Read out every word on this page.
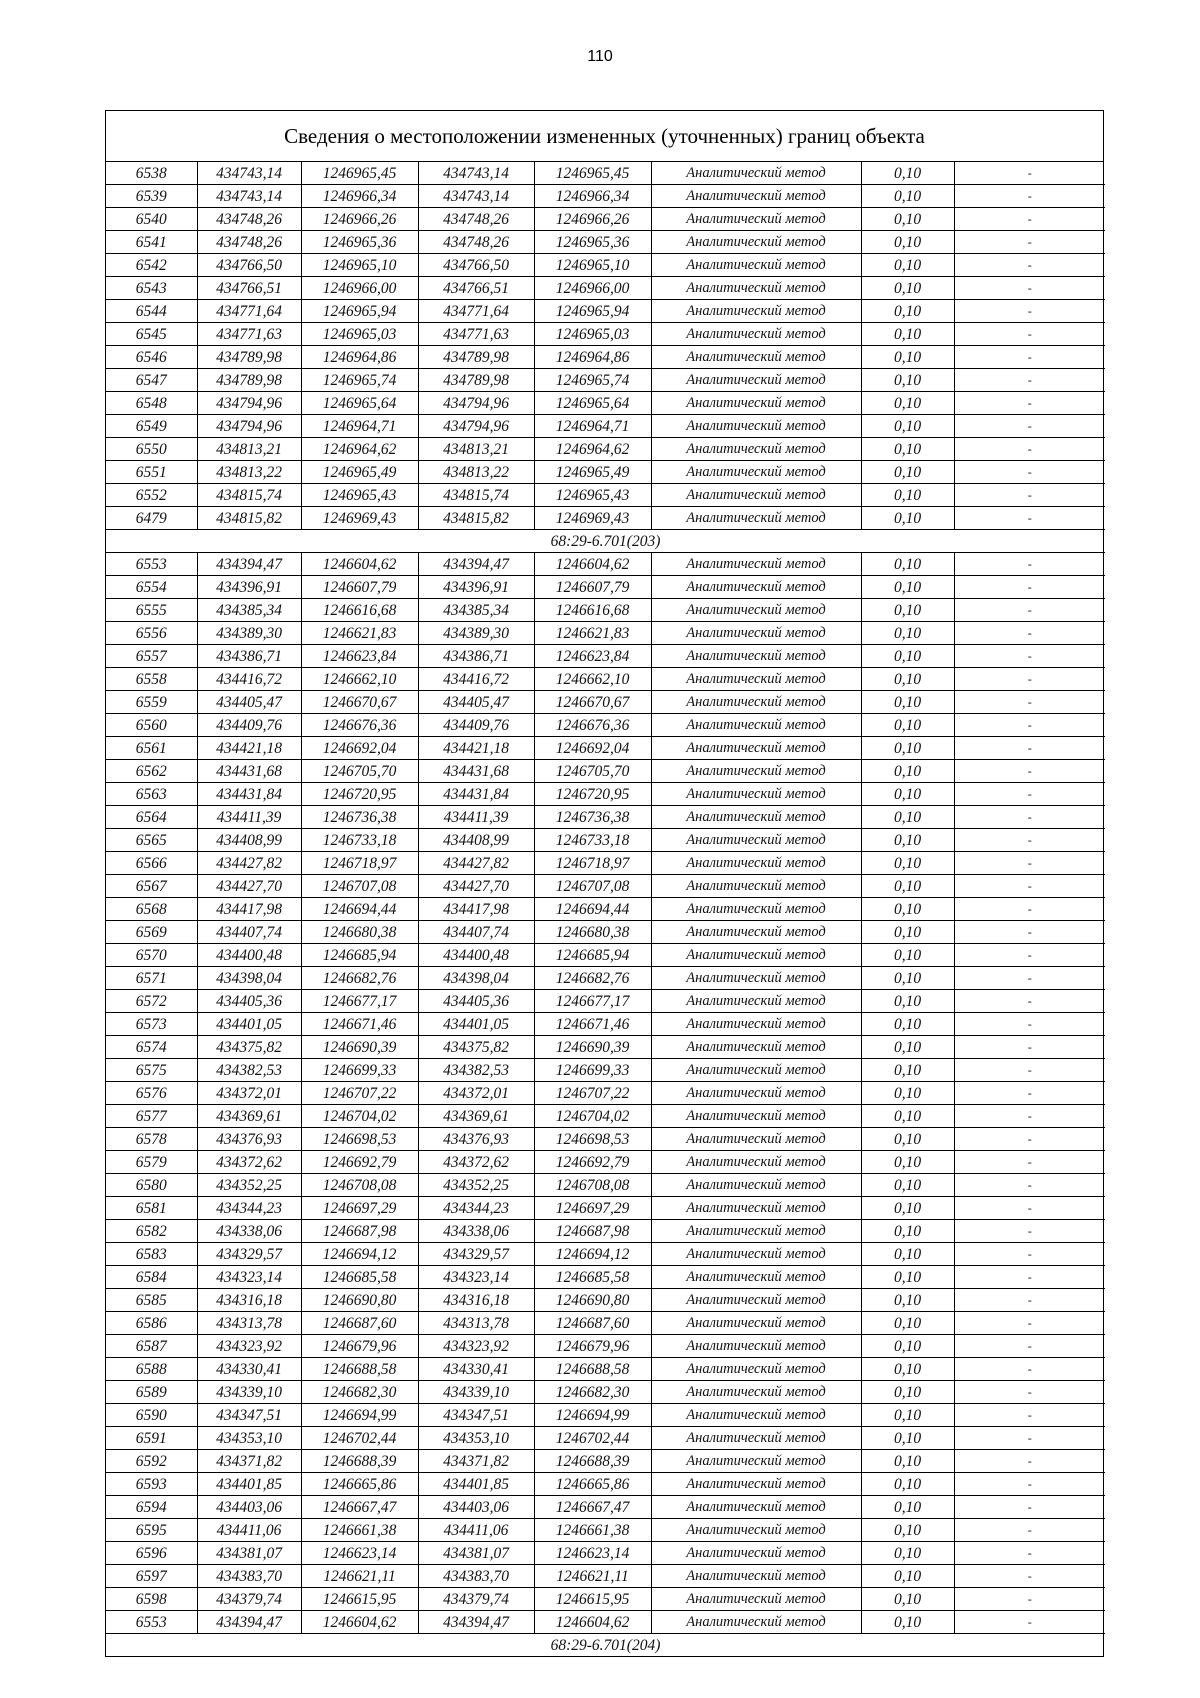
110
Сведения о местоположении измененных (уточненных) границ объекта
6538	434743,14	1246965,45	434743,14	1246965,45	Аналитический метод	0,10	-
6539	434743,14	1246966,34	434743,14	1246966,34	Аналитический метод	0,10	-
6540	434748,26	1246966,26	434748,26	1246966,26	Аналитический метод	0,10	-
6541	434748,26	1246965,36	434748,26	1246965,36	Аналитический метод	0,10	-
6542	434766,50	1246965,10	434766,50	1246965,10	Аналитический метод	0,10	-
6543	434766,51	1246966,00	434766,51	1246966,00	Аналитический метод	0,10	-
6544	434771,64	1246965,94	434771,64	1246965,94	Аналитический метод	0,10	-
6545	434771,63	1246965,03	434771,63	1246965,03	Аналитический метод	0,10	-
6546	434789,98	1246964,86	434789,98	1246964,86	Аналитический метод	0,10	-
6547	434789,98	1246965,74	434789,98	1246965,74	Аналитический метод	0,10	-
6548	434794,96	1246965,64	434794,96	1246965,64	Аналитический метод	0,10	-
6549	434794,96	1246964,71	434794,96	1246964,71	Аналитический метод	0,10	-
6550	434813,21	1246964,62	434813,21	1246964,62	Аналитический метод	0,10	-
6551	434813,22	1246965,49	434813,22	1246965,49	Аналитический метод	0,10	-
6552	434815,74	1246965,43	434815,74	1246965,43	Аналитический метод	0,10	-
6479	434815,82	1246969,43	434815,82	1246969,43	Аналитический метод	0,10	-
68:29-6.701(203)							
6553	434394,47	1246604,62	434394,47	1246604,62	Аналитический метод	0,10	-
6554	434396,91	1246607,79	434396,91	1246607,79	Аналитический метод	0,10	-
6555	434385,34	1246616,68	434385,34	1246616,68	Аналитический метод	0,10	-
6556	434389,30	1246621,83	434389,30	1246621,83	Аналитический метод	0,10	-
6557	434386,71	1246623,84	434386,71	1246623,84	Аналитический метод	0,10	-
6558	434416,72	1246662,10	434416,72	1246662,10	Аналитический метод	0,10	-
6559	434405,47	1246670,67	434405,47	1246670,67	Аналитический метод	0,10	-
6560	434409,76	1246676,36	434409,76	1246676,36	Аналитический метод	0,10	-
6561	434421,18	1246692,04	434421,18	1246692,04	Аналитический метод	0,10	-
6562	434431,68	1246705,70	434431,68	1246705,70	Аналитический метод	0,10	-
6563	434431,84	1246720,95	434431,84	1246720,95	Аналитический метод	0,10	-
6564	434411,39	1246736,38	434411,39	1246736,38	Аналитический метод	0,10	-
6565	434408,99	1246733,18	434408,99	1246733,18	Аналитический метод	0,10	-
6566	434427,82	1246718,97	434427,82	1246718,97	Аналитический метод	0,10	-
6567	434427,70	1246707,08	434427,70	1246707,08	Аналитический метод	0,10	-
6568	434417,98	1246694,44	434417,98	1246694,44	Аналитический метод	0,10	-
6569	434407,74	1246680,38	434407,74	1246680,38	Аналитический метод	0,10	-
6570	434400,48	1246685,94	434400,48	1246685,94	Аналитический метод	0,10	-
6571	434398,04	1246682,76	434398,04	1246682,76	Аналитический метод	0,10	-
6572	434405,36	1246677,17	434405,36	1246677,17	Аналитический метод	0,10	-
6573	434401,05	1246671,46	434401,05	1246671,46	Аналитический метод	0,10	-
6574	434375,82	1246690,39	434375,82	1246690,39	Аналитический метод	0,10	-
6575	434382,53	1246699,33	434382,53	1246699,33	Аналитический метод	0,10	-
6576	434372,01	1246707,22	434372,01	1246707,22	Аналитический метод	0,10	-
6577	434369,61	1246704,02	434369,61	1246704,02	Аналитический метод	0,10	-
6578	434376,93	1246698,53	434376,93	1246698,53	Аналитический метод	0,10	-
6579	434372,62	1246692,79	434372,62	1246692,79	Аналитический метод	0,10	-
6580	434352,25	1246708,08	434352,25	1246708,08	Аналитический метод	0,10	-
6581	434344,23	1246697,29	434344,23	1246697,29	Аналитический метод	0,10	-
6582	434338,06	1246687,98	434338,06	1246687,98	Аналитический метод	0,10	-
6583	434329,57	1246694,12	434329,57	1246694,12	Аналитический метод	0,10	-
6584	434323,14	1246685,58	434323,14	1246685,58	Аналитический метод	0,10	-
6585	434316,18	1246690,80	434316,18	1246690,80	Аналитический метод	0,10	-
6586	434313,78	1246687,60	434313,78	1246687,60	Аналитический метод	0,10	-
6587	434323,92	1246679,96	434323,92	1246679,96	Аналитический метод	0,10	-
6588	434330,41	1246688,58	434330,41	1246688,58	Аналитический метод	0,10	-
6589	434339,10	1246682,30	434339,10	1246682,30	Аналитический метод	0,10	-
6590	434347,51	1246694,99	434347,51	1246694,99	Аналитический метод	0,10	-
6591	434353,10	1246702,44	434353,10	1246702,44	Аналитический метод	0,10	-
6592	434371,82	1246688,39	434371,82	1246688,39	Аналитический метод	0,10	-
6593	434401,85	1246665,86	434401,85	1246665,86	Аналитический метод	0,10	-
6594	434403,06	1246667,47	434403,06	1246667,47	Аналитический метод	0,10	-
6595	434411,06	1246661,38	434411,06	1246661,38	Аналитический метод	0,10	-
6596	434381,07	1246623,14	434381,07	1246623,14	Аналитический метод	0,10	-
6597	434383,70	1246621,11	434383,70	1246621,11	Аналитический метод	0,10	-
6598	434379,74	1246615,95	434379,74	1246615,95	Аналитический метод	0,10	-
6553	434394,47	1246604,62	434394,47	1246604,62	Аналитический метод	0,10	-
68:29-6.701(204)							
